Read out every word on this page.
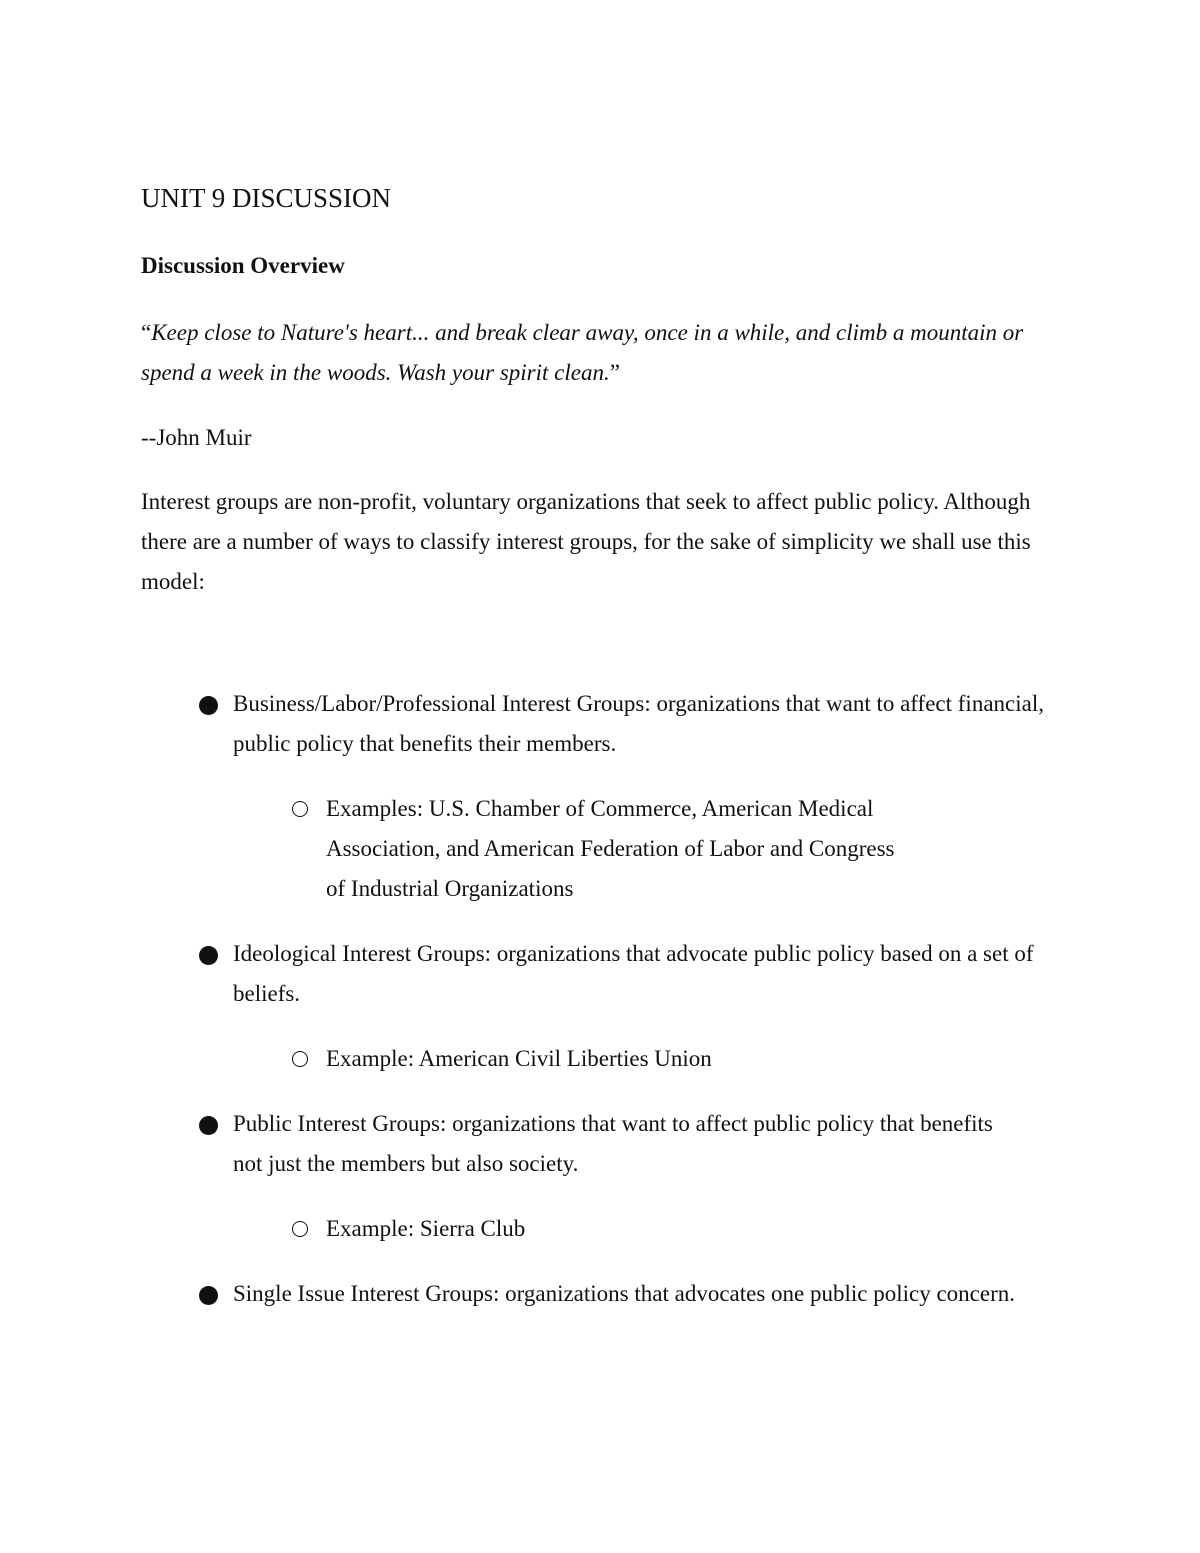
UNIT 9 DISCUSSION
Discussion Overview

“Keep close to Nature's heart... and break clear away, once in a while, and climb a mountain or spend a week in the woods. Wash your spirit clean.”

--John Muir

Interest groups are non-profit, voluntary organizations that seek to affect public policy. Although there are a number of ways to classify interest groups, for the sake of simplicity we shall use this model:

Business/Labor/Professional Interest Groups: organizations that want to affect financial, public policy that benefits their members.
Examples: U.S. Chamber of Commerce, American Medical Association, and American Federation of Labor and Congress of Industrial Organizations
Ideological Interest Groups: organizations that advocate public policy based on a set of beliefs.
Example: American Civil Liberties Union
Public Interest Groups: organizations that want to affect public policy that benefits not just the members but also society.
Example: Sierra Club
Single Issue Interest Groups: organizations that advocates one public policy concern.
